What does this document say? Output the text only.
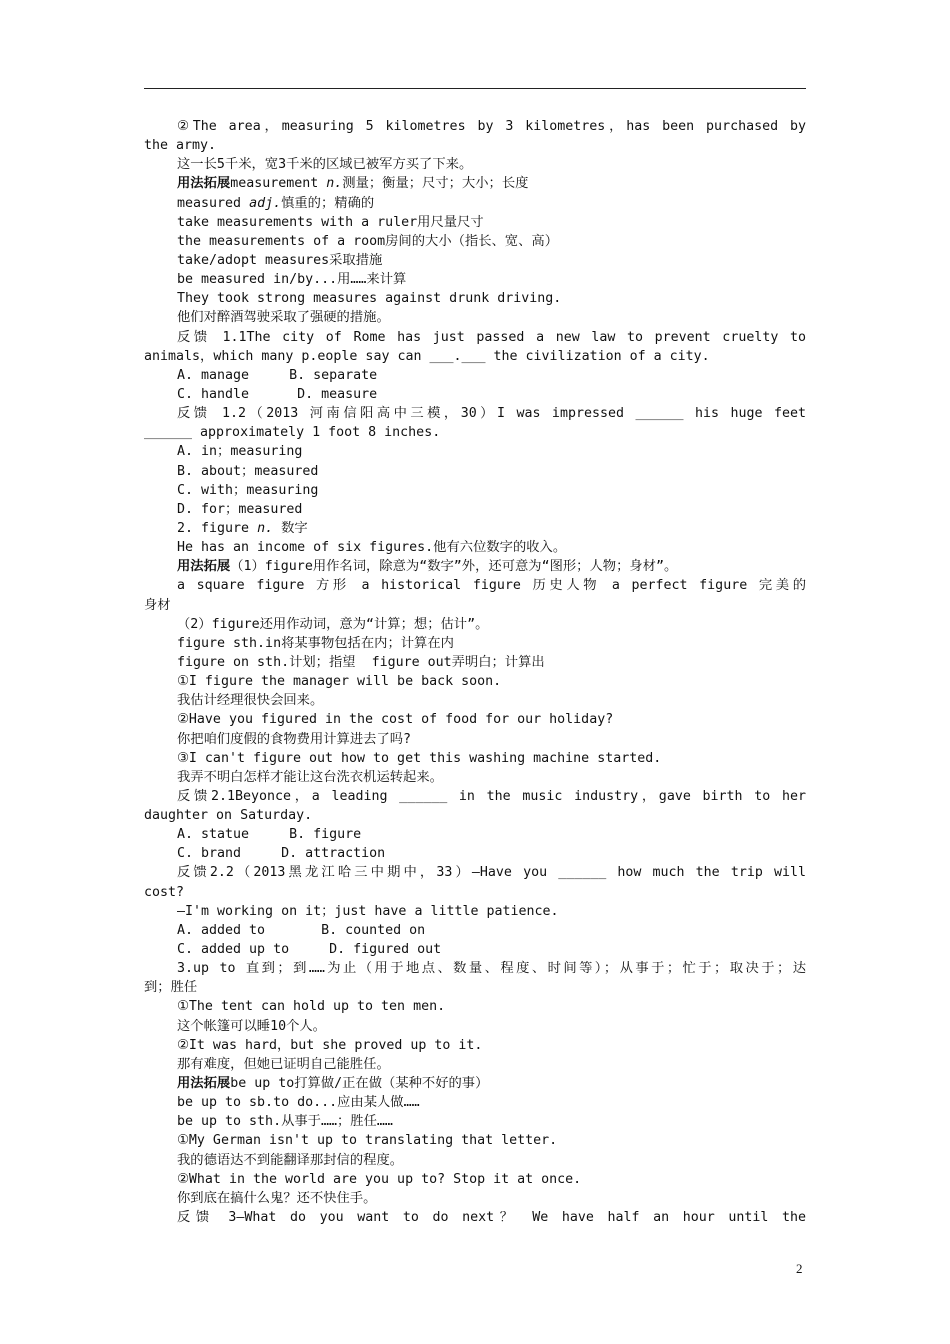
②The area，measuring 5 kilometres by 3 kilometres，has been purchased by
the army.
这一长5千米，宽3千米的区域已被军方买了下来。
用法拓展measurement n.测量；衡量；尺寸；大小；长度
measured adj.慎重的；精确的
take measurements with a ruler用尺量尺寸
the measurements of a room房间的大小（指长、宽、高）
take/adopt measures采取措施
be measured in/by...用……来计算
They took strong measures against drunk driving.
他们对醉酒驾驶采取了强硬的措施。
反馈 1.1The city of Rome has just passed a new law to prevent cruelty to
animals，which many p.eople say can ___.___ the civilization of a city.
A. manage     B. separate
C. handle      D. measure
反馈 1.2（2013 河南信阳高中三模，30）I was impressed ______ his huge feet
______ approximately 1 foot 8 inches.
A. in；measuring
B. about；measured
C. with；measuring
D. for；measured
2. figure n. 数字
He has an income of six figures.他有六位数字的收入。
用法拓展（1）figure用作名词，除意为“数字”外，还可意为“图形；人物；身材”。
a square figure 方形 a historical figure 历史人物 a perfect figure 完美的
身材
（2）figure还用作动词，意为“计算；想；估计”。
figure sth.in将某事物包括在内；计算在内
figure on sth.计划；指望  figure out弄明白；计算出
①I figure the manager will be back soon.
我估计经理很快会回来。
②Have you figured in the cost of food for our holiday?
你把咱们度假的食物费用计算进去了吗?
③I can't figure out how to get this washing machine started.
我弄不明白怎样才能让这台洗衣机运转起来。
反馈2.1Beyonce，a leading ______ in the music industry，gave birth to her
daughter on Saturday.
A. statue     B. figure
C. brand     D. attraction
反馈2.2（2013黑龙江哈三中期中，33）—Have you ______ how much the trip will
cost?
—I'm working on it；just have a little patience.
A. added to       B. counted on
C. added up to     D. figured out
3.up to 直到；到……为止（用于地点、数量、程度、时间等）；从事于；忙于；取决于；达
到；胜任
①The tent can hold up to ten men.
这个帐篷可以睡10个人。
②It was hard，but she proved up to it.
那有难度，但她已证明自己能胜任。
用法拓展be up to打算做/正在做（某种不好的事）
be up to sb.to do...应由某人做……
be up to sth.从事于……；胜任……
①My German isn't up to translating that letter.
我的德语达不到能翻译那封信的程度。
②What in the world are you up to? Stop it at once.
你到底在搞什么鬼？还不快住手。
反馈 3—What do you want to do next？ We have half an hour until the
2
